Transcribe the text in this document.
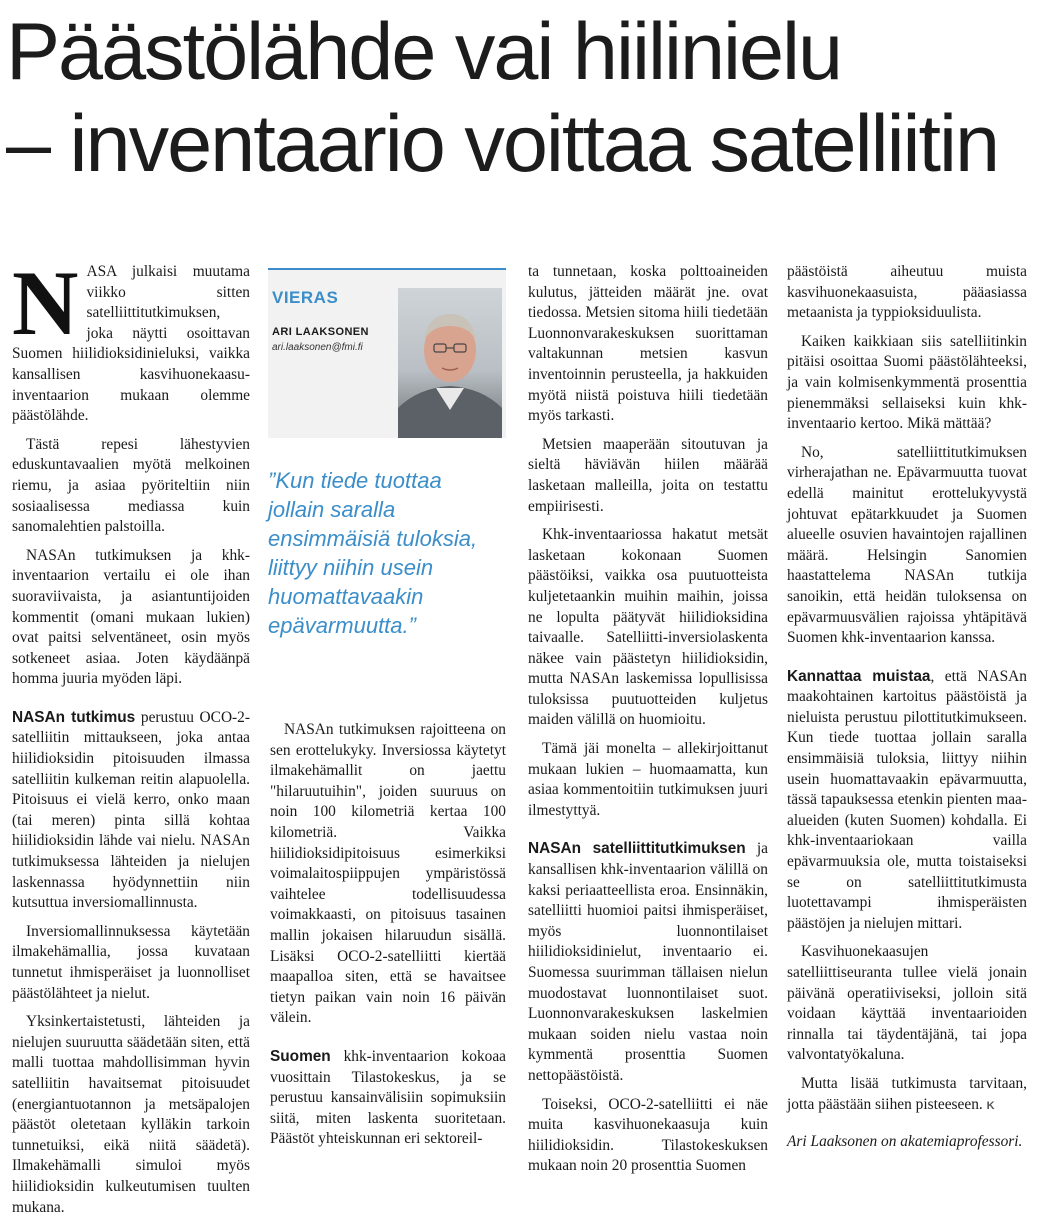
Päästölähde vai hiilinielu
– inventaario voittaa satelliitin

NASA julkaisi muutama viikko sitten satelliittitutkimuksen, joka näytti osoittavan Suomen hiilidioksidinieluksi, vaikka kansallisen kasvihuonekaasu-inventaarion mukaan olemme päästölähde.

Tästä repesi lähestyvien eduskuntavaalien myötä melkoinen riemu, ja asiaa pyöriteltiin niin sosiaalisessa mediassa kuin sanomalehtien palstoilla.

NASAn tutkimuksen ja khk-inventaarion vertailu ei ole ihan suoraviivaista, ja asiantuntijoiden kommentit (omani mukaan lukien) ovat paitsi selventäneet, osin myös sotkeneet asiaa. Joten käydäänpä homma juuria myöden läpi.

NASAn tutkimus perustuu OCO-2-satelliitin mittaukseen, joka antaa hiilidioksidin pitoisuuden ilmassa satelliitin kulkeman reitin alapuolella. Pitoisuus ei vielä kerro, onko maan (tai meren) pinta sillä kohtaa hiilidioksidin lähde vai nielu. NASAn tutkimuksessa lähteiden ja nielujen laskennassa hyödynnettiin niin kutsuttua inversiomallinnusta.

Inversiomallinnuksessa käytetään ilmakehämallia, jossa kuvataan tunnetut ihmisperäiset ja luonnolliset päästölähteet ja nielut.

Yksinkertaistetusti, lähteiden ja nielujen suuruutta säädetään siten, että malli tuottaa mahdollisimman hyvin satelliitin havaitsemat pitoisuudet (energiantuotannon ja metsäpalojen päästöt oletetaan kylläkin tarkoin tunnetuiksi, eikä niitä säädetä). Ilmakehämalli simuloi myös hiilidioksidin kulkeutumisen tuulten mukana.

VIERAS
ARI LAAKSONEN
ari.laaksonen@fmi.fi
”Kun tiede tuottaa jollain saralla ensimmäisiä tuloksia, liittyy niihin usein huomattavaakin epävarmuutta.”

NASAn tutkimuksen rajoitteena on sen erottelukyky. Inversiossa käytetyt ilmakehämallit on jaettu "hilaruutuihin", joiden suuruus on noin 100 kilometriä kertaa 100 kilometriä. Vaikka hiilidioksidipitoisuus esimerkiksi voimalaitospiippujen ympäristössä vaihtelee todellisuudessa voimakkaasti, on pitoisuus tasainen mallin jokaisen hilaruudun sisällä. Lisäksi OCO-2-satelliitti kiertää maapalloa siten, että se havaitsee tietyn paikan vain noin 16 päivän välein.

Suomen khk-inventaarion kokoaa vuosittain Tilastokeskus, ja se perustuu kansainvälisiin sopimuksiin siitä, miten laskenta suoritetaan. Päästöt yhteiskunnan eri sektoreil-

ta tunnetaan, koska polttoaineiden kulutus, jätteiden määrät jne. ovat tiedossa. Metsien sitoma hiili tiedetään Luonnonvarakeskuksen suorittaman valtakunnan metsien kasvun inventoinnin perusteella, ja hakkuiden myötä niistä poistuva hiili tiedetään myös tarkasti.

Metsien maaperään sitoutuvan ja sieltä häviävän hiilen määrää lasketaan malleilla, joita on testattu empiirisesti.

Khk-inventaariossa hakatut metsät lasketaan kokonaan Suomen päästöiksi, vaikka osa puutuotteista kuljetetaankin muihin maihin, joissa ne lopulta päätyvät hiilidioksidina taivaalle. Satelliitti-inversiolaskenta näkee vain päästetyn hiilidioksidin, mutta NASAn laskemissa lopullisissa tuloksissa puutuotteiden kuljetus maiden välillä on huomioitu.

Tämä jäi monelta – allekirjoittanut mukaan lukien – huomaamatta, kun asiaa kommentoitiin tutkimuksen juuri ilmestyttyä.

NASAn satelliittitutkimuksen ja kansallisen khk-inventaarion välillä on kaksi periaatteellista eroa. Ensinnäkin, satelliitti huomioi paitsi ihmisperäiset, myös luonnontilaiset hiilidioksidinielut, inventaario ei. Suomessa suurimman tällaisen nielun muodostavat luonnontilaiset suot. Luonnonvarakeskuksen laskelmien mukaan soiden nielu vastaa noin kymmentä prosenttia Suomen nettopäästöistä.

Toiseksi, OCO-2-satelliitti ei näe muita kasvihuonekaasuja kuin hiilidioksidin. Tilastokeskuksen mukaan noin 20 prosenttia Suomen

päästöistä aiheutuu muista kasvihuonekaasuista, pääasiassa metaanista ja typpioksiduulista.

Kaiken kaikkiaan siis satelliitinkin pitäisi osoittaa Suomi päästölähteeksi, ja vain kolmisenkymmentä prosenttia pienemmäksi sellaiseksi kuin khk-inventaario kertoo. Mikä mättää?

No, satelliittitutkimuksen virherajathan ne. Epävarmuutta tuovat edellä mainitut erottelukyvystä johtuvat epätarkkuudet ja Suomen alueelle osuvien havaintojen rajallinen määrä. Helsingin Sanomien haastattelema NASAn tutkija sanoikin, että heidän tuloksensa on epävarmuusvälien rajoissa yhtäpitävä Suomen khk-inventaarion kanssa.

Kannattaa muistaa, että NASAn maakohtainen kartoitus päästöistä ja nieluista perustuu pilottitutkimukseen. Kun tiede tuottaa jollain saralla ensimmäisiä tuloksia, liittyy niihin usein huomattavaakin epävarmuutta, tässä tapauksessa etenkin pienten maa-alueiden (kuten Suomen) kohdalla. Ei khk-inventaariokaan vailla epävarmuuksia ole, mutta toistaiseksi se on satelliittitutkimusta luotettavampi ihmisperäisten päästöjen ja nielujen mittari.

Kasvihuonekaasujen satelliittiseuranta tullee vielä jonain päivänä operatiiviseksi, jolloin sitä voidaan käyttää inventaarioiden rinnalla tai täydentäjänä, tai jopa valvontatyökaluna.

Mutta lisää tutkimusta tarvitaan, jotta päästään siihen pisteeseen. K

Ari Laaksonen on akatemiaprofessori.
